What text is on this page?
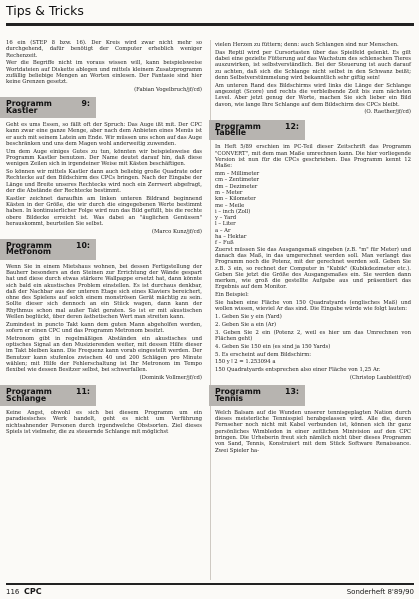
Tips & Tricks

16 ein (STEP 8 bzw. 16). Der Kreis wird zwar nicht mehr so durchgehend, dafür benötigt der Computer erheblich weniger Rechenzeit.

Wer die Begriffe nicht im voraus wissen will, kann beispielsweise Wortdateien auf Diskette ablegen und mittels kleinem Zusatzprogramm zufällig beliebige Mengen an Worten einlesen. Der Fantasie sind hier keine Grenzen gesetzt.

(Fabian Vogelbruch/jf/cd)

Programm 9: Kastler

Geht es ums Essen, so fällt oft der Spruch: Das Auge ißt mit. Der CPC kann zwar eine ganze Menge, aber nach dem Anbieten eines Menüs ist er auch mit seinem Latein am Ende. Wir müssen uns schon auf das Auge beschränken und uns dem Magen wohl anderweitig zuwenden.

Um dem Auge einiges Gutes zu tun, könnten wir beispielsweise das Programm Kastler benutzen. Der Name deutet darauf hin, daß diese wenigen Zeilen sich in irgendeiner Weise mit Kästen beschäftigen.

So können wir mittels Kastler dann auch beliebig große Quadrate oder Rechtecke auf den Bildschirm des CPCs bringen. Nach der Eingabe der Länge und Breite unseres Rechtecks wird noch ein Zerrwert abgefragt, der die Abstände der Rechtecke bestimmt.

Kastler zeichnet daraufhin am linken unteren Bildrand beginnend Kästen in der Größe, die wir durch die eingegebenen Werte bestimmt haben. In kontinuierlicher Folge wird nun das Bild gefüllt, bis die rechte obere Bildecke erreicht ist. Was dabei an "äuglichen Genüssen" herauskommt, beurteilen Sie selbst.

(Marco Kunz/jf/cd)

Programm 10: Metronom

Wenn Sie in einem Mietshaus wohnen, bei dessen Fertigstellung der Bauherr besonders an den Steinen zur Errichtung der Wände gespart hat und diese durch etwas stärkere Wallpappe ersetzt hat, dann könnte sich bald ein akustisches Problem einstellen. Es ist durchaus denkbar, daß der Nachbar aus der unteren Etage sich eines Klaviers bereichert, ohne des Spielens auf solch einem monströsen Gerät mächtig zu sein. Sollte dieser sich dennoch an ein Stück wagen, dann kann der Rhythmus schon mal außer Takt geraten. So ist er mit akustischen Wellen beglückt, über deren ästhetischen Wert man streiten kann.

Zumindest in puncto Takt kann dem guten Mann abgeholfen werden, sofern er einen CPC und das Programm Metronom besitzt.

Metronom gibt in regelmäßigen Abständen ein akustisches und optisches Signal an den Musizierenden weiter, mit dessen Hilfe dieser im Takt bleiben kann. Die Frequenz kann vorab eingestellt werden. Der Benutzer kann stufenlos zwischen 40 und 200 Schlägen pro Minute wählen; mit Hilfe der Fehlerschaltung ist Ihr Metronom im Tempo flexibel wie dessen Besitzer selbst, bei schwerfallen.

(Dominik Vollmer/jf/cd)

Programm 11: Schlange

Keine Angst, obwohl es sich bei diesem Programm um ein paradiesisches Werk handelt, geht es nicht um Verführung nichtsahnender Personen durch irgendwelche Obstsorten. Ziel dieses Spiels ist vielmehr, die zu steuernde Schlange mit möglichst

vielen Herzen zu füttern; denn: auch Schlangen sind nur Menschen.

Das Reptil wird per Cursortasten über das Spielfeld gelenkt. Es gilt dabei eine gezielte Fütterung auf das Wachstum des schlenschen Tieres auszuwirken, ist selbstverständlich. Bei der Steuerung ist auch darauf zu achten, daß sich die Schlange nicht selbst in den Schwanz beißt; denn Selbstverstümmelung wird bekanntlich sehr giftig sein!

Am unteren Rand des Bildschirms wird links die Länge der Schlange angezeigt (Score) und rechts die verbleibende Zeit bis zum nächsten Level. Aber jetzt genug der Worte, machen Sie sich lieber ein Bild davon, wie lange Ihre Schlange auf dem Bildschirm des CPCs bleibt.

(O. Raether/jf/cd)

Programm 12: Tabelle

In Heft 5/89 erschien im PC-Teil dieser Zeitschrift das Programm "CONVERT", mit dem man Maße umrechnen kann. Die hier vorliegende Version ist nun für die CPCs geschrieben. Das Programm kennt 12 Maße:

mm – Millimeter

cm – Zentimeter

dm – Dezimeter

m – Meter

km – Kilometer

me – Meile

i – inch (Zoll)

y – Yard

l – Liter

a – Ar

ha – Hektar

f – Fuß

Zuerst müssen Sie das Ausgangsmaß eingeben (z.B. "m" für Meter) und danach das Maß, in das umgerechnet werden soll. Man verlangt das Programm noch die Potenz, mit der gerechnet werden soll. Geben Sie z.B. 3 ein, so rechnet der Computer in "Kubik" (Kubikdezimeter etc.). Geben Sie jetzt die Größe des Ausgangsmaßes ein. Sie werden dann merken, wie groß die gestellte Aufgabe aus und präsentiert das Ergebnis auf dem Monitor.

Ein Beispiel:

Sie haben eine Fläche von 150 Quadratyards (englisches Maß) und wollen wissen, wieviel Ar das sind. Die Eingabe würde wie folgt lauten:

1. Geben Sie y ein (Yard)

2. Geben Sie a ein (Ar)

3. Geben Sie 2 ein (Potenz 2, weil es hier um das Umrechnen von Flächen geht)

4. Geben Sie 150 ein (es sind ja 150 Yards)

5. Es erscheint auf dem Bildschirm:

150 y↑2 = 1.253094 a

150 Quadratyards entsprechen also einer Fläche von 1,25 Ar.

(Christop Laubleitf/cd)

Programm 13: Tennis

Welch Balsam auf die Wunden unserer tennisgeplagten Nation durch dieses meisterliche Tennisspiel herabgelassen wird. Alle die, deren Fernseher noch nicht mit Kabel verbunden ist, können sich ihr ganz persönliches Wimbledon in einer zeitlichen Minivision auf den CPC bringen. Die Urheberin freut sich nämlich nicht über dieses Programm von Sand, Tennis, Konstruiert mit dem Stück Software Renaissance. Zwei Spieler ha-

116 CPC	Sonderheft 8'89/90
